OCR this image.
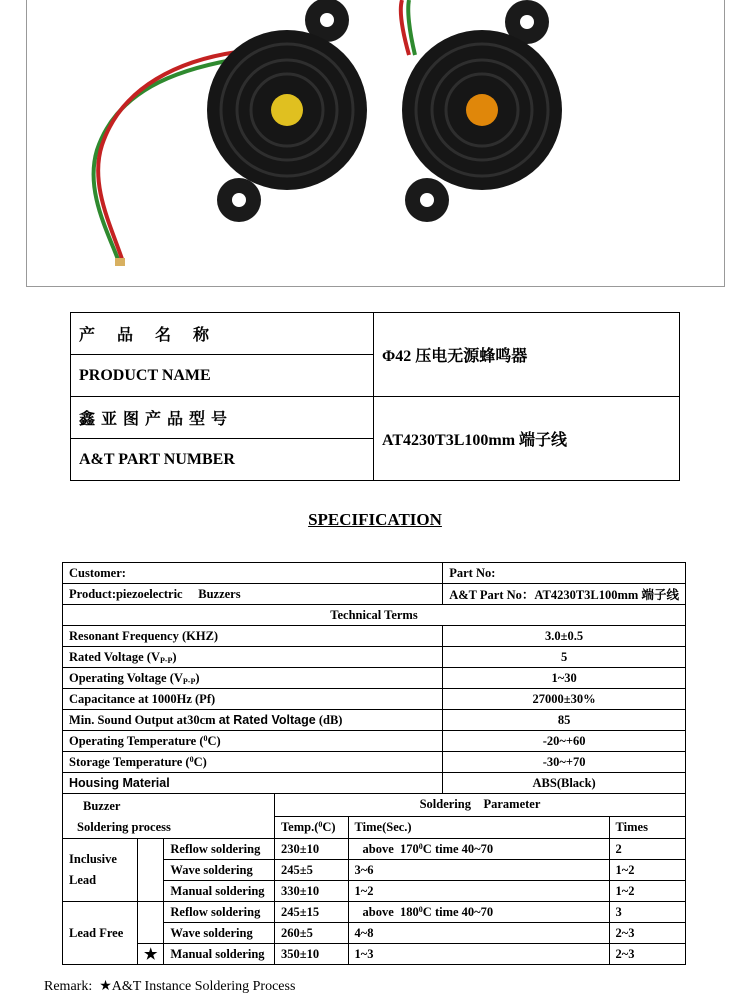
产品名称	Φ42 压电无源蜂鸣器
PRODUCT NAME	
鑫亚图产品型号	AT4230T3L100mm 端子线
A&T PART NUMBER	
SPECIFICATION
Customer:					Part No:	
Product:piezoelectric     Buzzers					A&T Part No：AT4230T3L100mm 端子线	
Technical Terms						
Resonant Frequency (KHZ)					3.0±0.5	
Rated Voltage $(V_{P-P})$					5	
Operating Voltage $(V_{P-P})$					1~30	
Capacitance at 1000Hz (Pf)					27000±30%	
Min. Sound Output at30cm at Rated Voltage (dB)					85	
Operating Temperature ($^0$C)					-20~+60	
Storage Temperature ($^0$C)					-30~+70	
Housing Material					ABS(Black)	

Buzzer
Soldering process			Soldering    Parameter			
			Temp.($^0$C)	Time(Sec.)		Times

Inclusive
Lead		Reflow soldering	230±10	above  $170^0C$ time 40~70		2
		Wave soldering	245±5	3~6		1~2
		Manual soldering	330±10	1~2		1~2
Lead Free		Reflow soldering	245±15	above  $180^0C$ time 40~70		3
		Wave soldering	260±5	4~8		2~3
	★	Manual soldering	350±10	1~3		2~3
Remark:  ★A&T Instance Soldering Process
